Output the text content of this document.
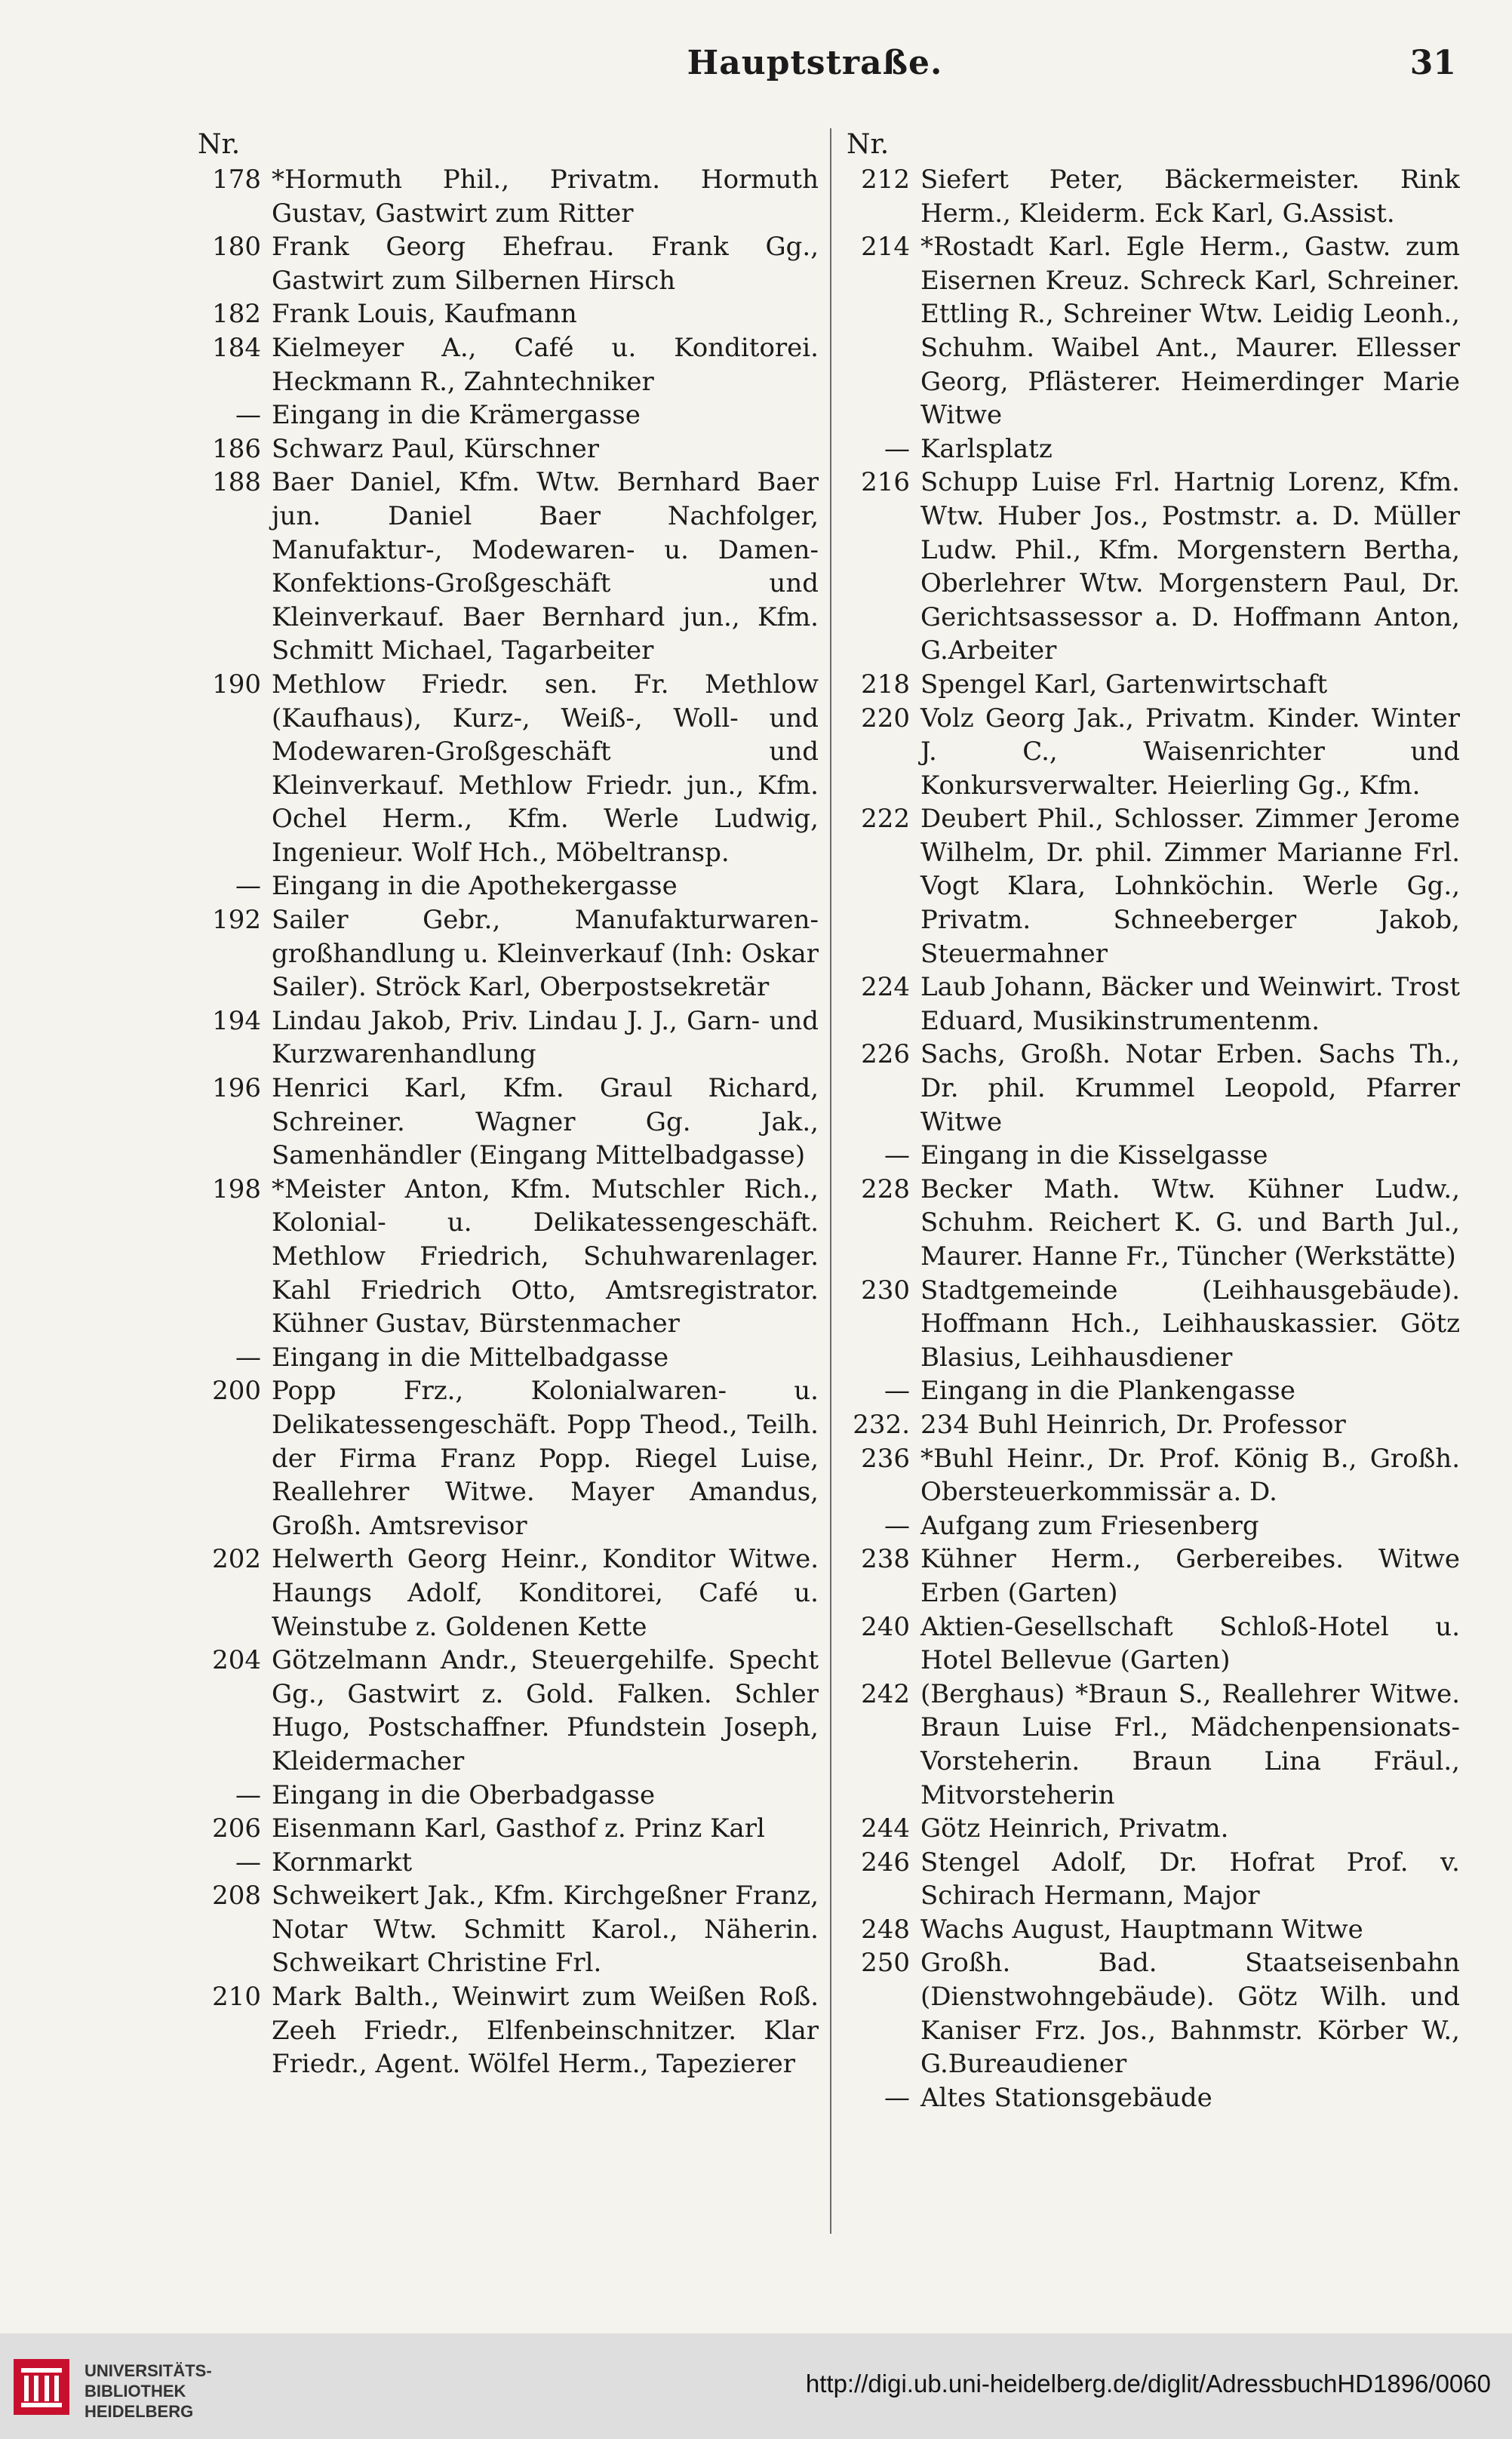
Hauptstraße.	31
Nr.
178 *Hormuth Phil., Privatm. Hormuth Gustav, Gastwirt zum Ritter
180 Frank Georg Ehefrau. Frank Gg., Gastwirt zum Silbernen Hirsch
182 Frank Louis, Kaufmann
184 Kielmeyer A., Café u. Konditorei. Heckmann R., Zahntechniker
— Eingang in die Krämergasse
186 Schwarz Paul, Kürschner
188 Baer Daniel, Kfm. Wtw. Bernhard Baer jun. Daniel Baer Nachfolger, Manufaktur-, Modewaren- u. Damen-Konfektions-Großgeschäft und Kleinverkauf. Baer Bernhard jun., Kfm. Schmitt Michael, Tagarbeiter
190 Methlow Friedr. sen. Fr. Methlow (Kaufhaus), Kurz-, Weiß-, Woll- und Modewaren-Großgeschäft und Kleinverkauf. Methlow Friedr. jun., Kfm. Ochel Herm., Kfm. Werle Ludwig, Ingenieur. Wolf Hch., Möbeltransp.
— Eingang in die Apothekergasse
192 Sailer Gebr., Manufakturwaren-großhandlung u. Kleinverkauf (Inh: Oskar Sailer). Ströck Karl, Oberpostsekretär
194 Lindau Jakob, Priv. Lindau J. J., Garn- und Kurzwarenhandlung
196 Henrici Karl, Kfm. Graul Richard, Schreiner. Wagner Gg. Jak., Samenhändler (Eingang Mittelbadgasse)
198 *Meister Anton, Kfm. Mutschler Rich., Kolonial- u. Delikatessengeschäft. Methlow Friedrich, Schuhwarenlager. Kahl Friedrich Otto, Amtsregistrator. Kühner Gustav, Bürstenmacher
— Eingang in die Mittelbadgasse
200 Popp Frz., Kolonialwaren- u. Delikatessengeschäft. Popp Theod., Teilh. der Firma Franz Popp. Riegel Luise, Reallehrer Witwe. Mayer Amandus, Großh. Amtsrevisor
202 Helwerth Georg Heinr., Konditor Witwe. Haungs Adolf, Konditorei, Café u. Weinstube z. Goldenen Kette
204 Götzelmann Andr., Steuergehilfe. Specht Gg., Gastwirt z. Gold. Falken. Schler Hugo, Postschaffner. Pfundstein Joseph, Kleidermacher
— Eingang in die Oberbadgasse
206 Eisenmann Karl, Gasthof z. Prinz Karl
— Kornmarkt
208 Schweikert Jak., Kfm. Kirchgeßner Franz, Notar Wtw. Schmitt Karol., Näherin. Schweikart Christine Frl.
210 Mark Balth., Weinwirt zum Weißen Roß. Zeeh Friedr., Elfenbeinschnitzer. Klar Friedr., Agent. Wölfel Herm., Tapezierer
Nr.
212 Siefert Peter, Bäckermeister. Rink Herm., Kleiderm. Eck Karl, G.Assist.
214 *Rostadt Karl. Egle Herm., Gastw. zum Eisernen Kreuz. Schreck Karl, Schreiner. Ettling R., Schreiner Wtw. Leidig Leonh., Schuhm. Waibel Ant., Maurer. Ellesser Georg, Pflästerer. Heimerdinger Marie Witwe
— Karlsplatz
216 Schupp Luise Frl. Hartnig Lorenz, Kfm. Wtw. Huber Jos., Postmstr. a. D. Müller Ludw. Phil., Kfm. Morgenstern Bertha, Oberlehrer Wtw. Morgenstern Paul, Dr. Gerichtsassessor a. D. Hoffmann Anton, G.Arbeiter
218 Spengel Karl, Gartenwirtschaft
220 Volz Georg Jak., Privatm. Kinder. Winter J. C., Waisenrichter und Konkursverwalter. Heierling Gg., Kfm.
222 Deubert Phil., Schlosser. Zimmer Jerome Wilhelm, Dr. phil. Zimmer Marianne Frl. Vogt Klara, Lohnköchin. Werle Gg., Privatm. Schneeberger Jakob, Steuermahner
224 Laub Johann, Bäcker und Weinwirt. Trost Eduard, Musikinstrumentenm.
226 Sachs, Großh. Notar Erben. Sachs Th., Dr. phil. Krummel Leopold, Pfarrer Witwe
— Eingang in die Kisselgasse
228 Becker Math. Wtw. Kühner Ludw., Schuhm. Reichert K. G. und Barth Jul., Maurer. Hanne Fr., Tüncher (Werkstätte)
230 Stadtgemeinde (Leihhausgebäude). Hoffmann Hch., Leihhauskassier. Götz Blasius, Leihhausdiener
— Eingang in die Plankengasse
232. 234 Buhl Heinrich, Dr. Professor
236 *Buhl Heinr., Dr. Prof. König B., Großh. Obersteuerkommissär a. D.
— Aufgang zum Friesenberg
238 Kühner Herm., Gerbereibes. Witwe Erben (Garten)
240 Aktien-Gesellschaft Schloß-Hotel u. Hotel Bellevue (Garten)
242 (Berghaus) *Braun S., Reallehrer Witwe. Braun Luise Frl., Mädchenpensionats-Vorsteherin. Braun Lina Fräul., Mitvorsteherin
244 Götz Heinrich, Privatm.
246 Stengel Adolf, Dr. Hofrat Prof. v. Schirach Hermann, Major
248 Wachs August, Hauptmann Witwe
250 Großh. Bad. Staatseisenbahn (Dienstwohngebäude). Götz Wilh. und Kaniser Frz. Jos., Bahnmstr. Körber W., G.Bureaudiener
— Altes Stationsgebäude
UNIVERSITÄTS-
BIBLIOTHEK
HEIDELBERG
http://digi.ub.uni-heidelberg.de/diglit/AdressbuchHD1896/0060
